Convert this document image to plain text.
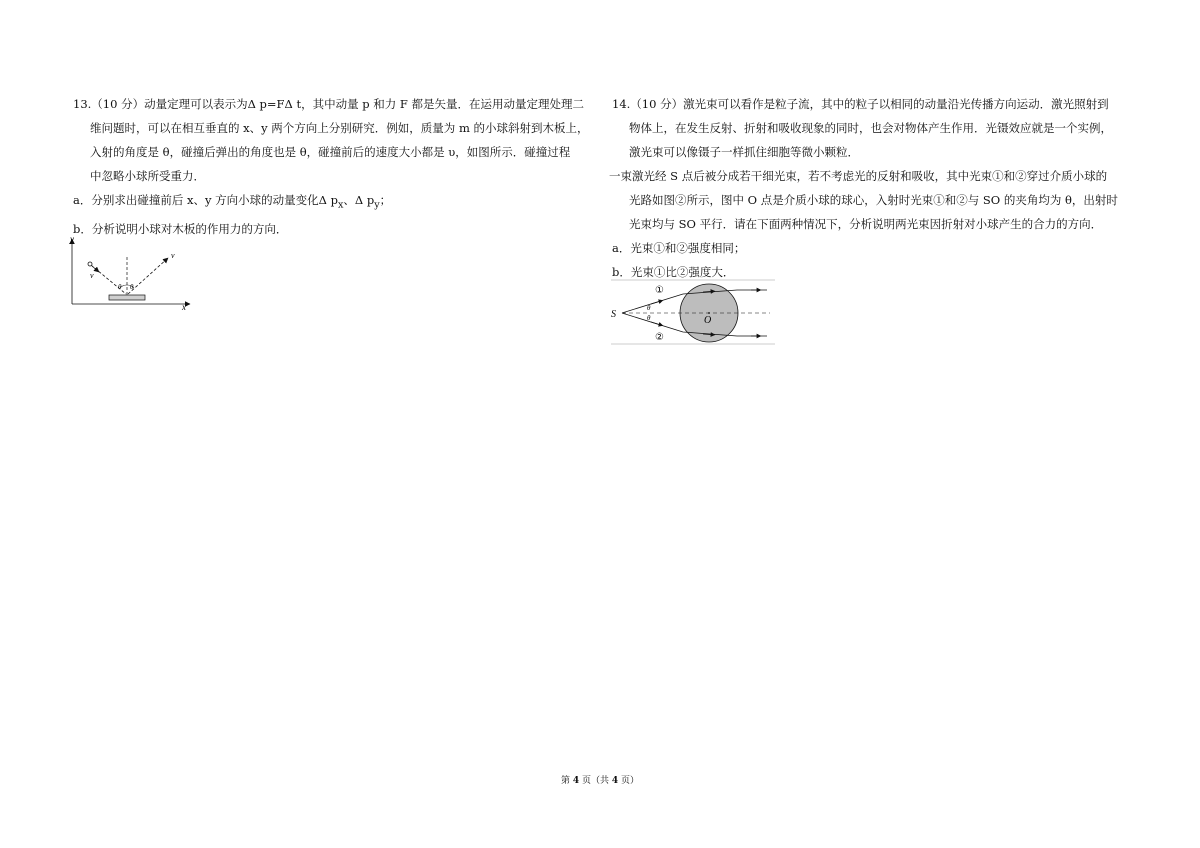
13.（10 分）动量定理可以表示为Δ p=FΔ t，其中动量 p 和力 F 都是矢量．在运用动量定理处理二
维问题时，可以在相互垂直的 x、y 两个方向上分别研究．例如，质量为 m 的小球斜射到木板上，
入射的角度是 θ，碰撞后弹出的角度也是 θ，碰撞前后的速度大小都是 υ，如图所示．碰撞过程
中忽略小球所受重力．
a．分别求出碰撞前后 x、y 方向小球的动量变化Δ $p_x$、Δ $p_y$；
b．分析说明小球对木板的作用力的方向．
y
x
v
v
θ θ
14.（10 分）激光束可以看作是粒子流，其中的粒子以相同的动量沿光传播方向运动．激光照射到
物体上，在发生反射、折射和吸收现象的同时，也会对物体产生作用．光镊效应就是一个实例，
激光束可以像镊子一样抓住细胞等微小颗粒．
一束激光经 S 点后被分成若干细光束，若不考虑光的反射和吸收，其中光束①和②穿过介质小球的
光路如图②所示，图中 O 点是介质小球的球心，入射时光束①和②与 SO 的夹角均为 θ，出射时
光束均与 SO 平行．请在下面两种情况下，分析说明两光束因折射对小球产生的合力的方向．
a．光束①和②强度相同；
b．光束①比②强度大．
S
O
①
②
θ
θ
第 4 页（共 4 页）
